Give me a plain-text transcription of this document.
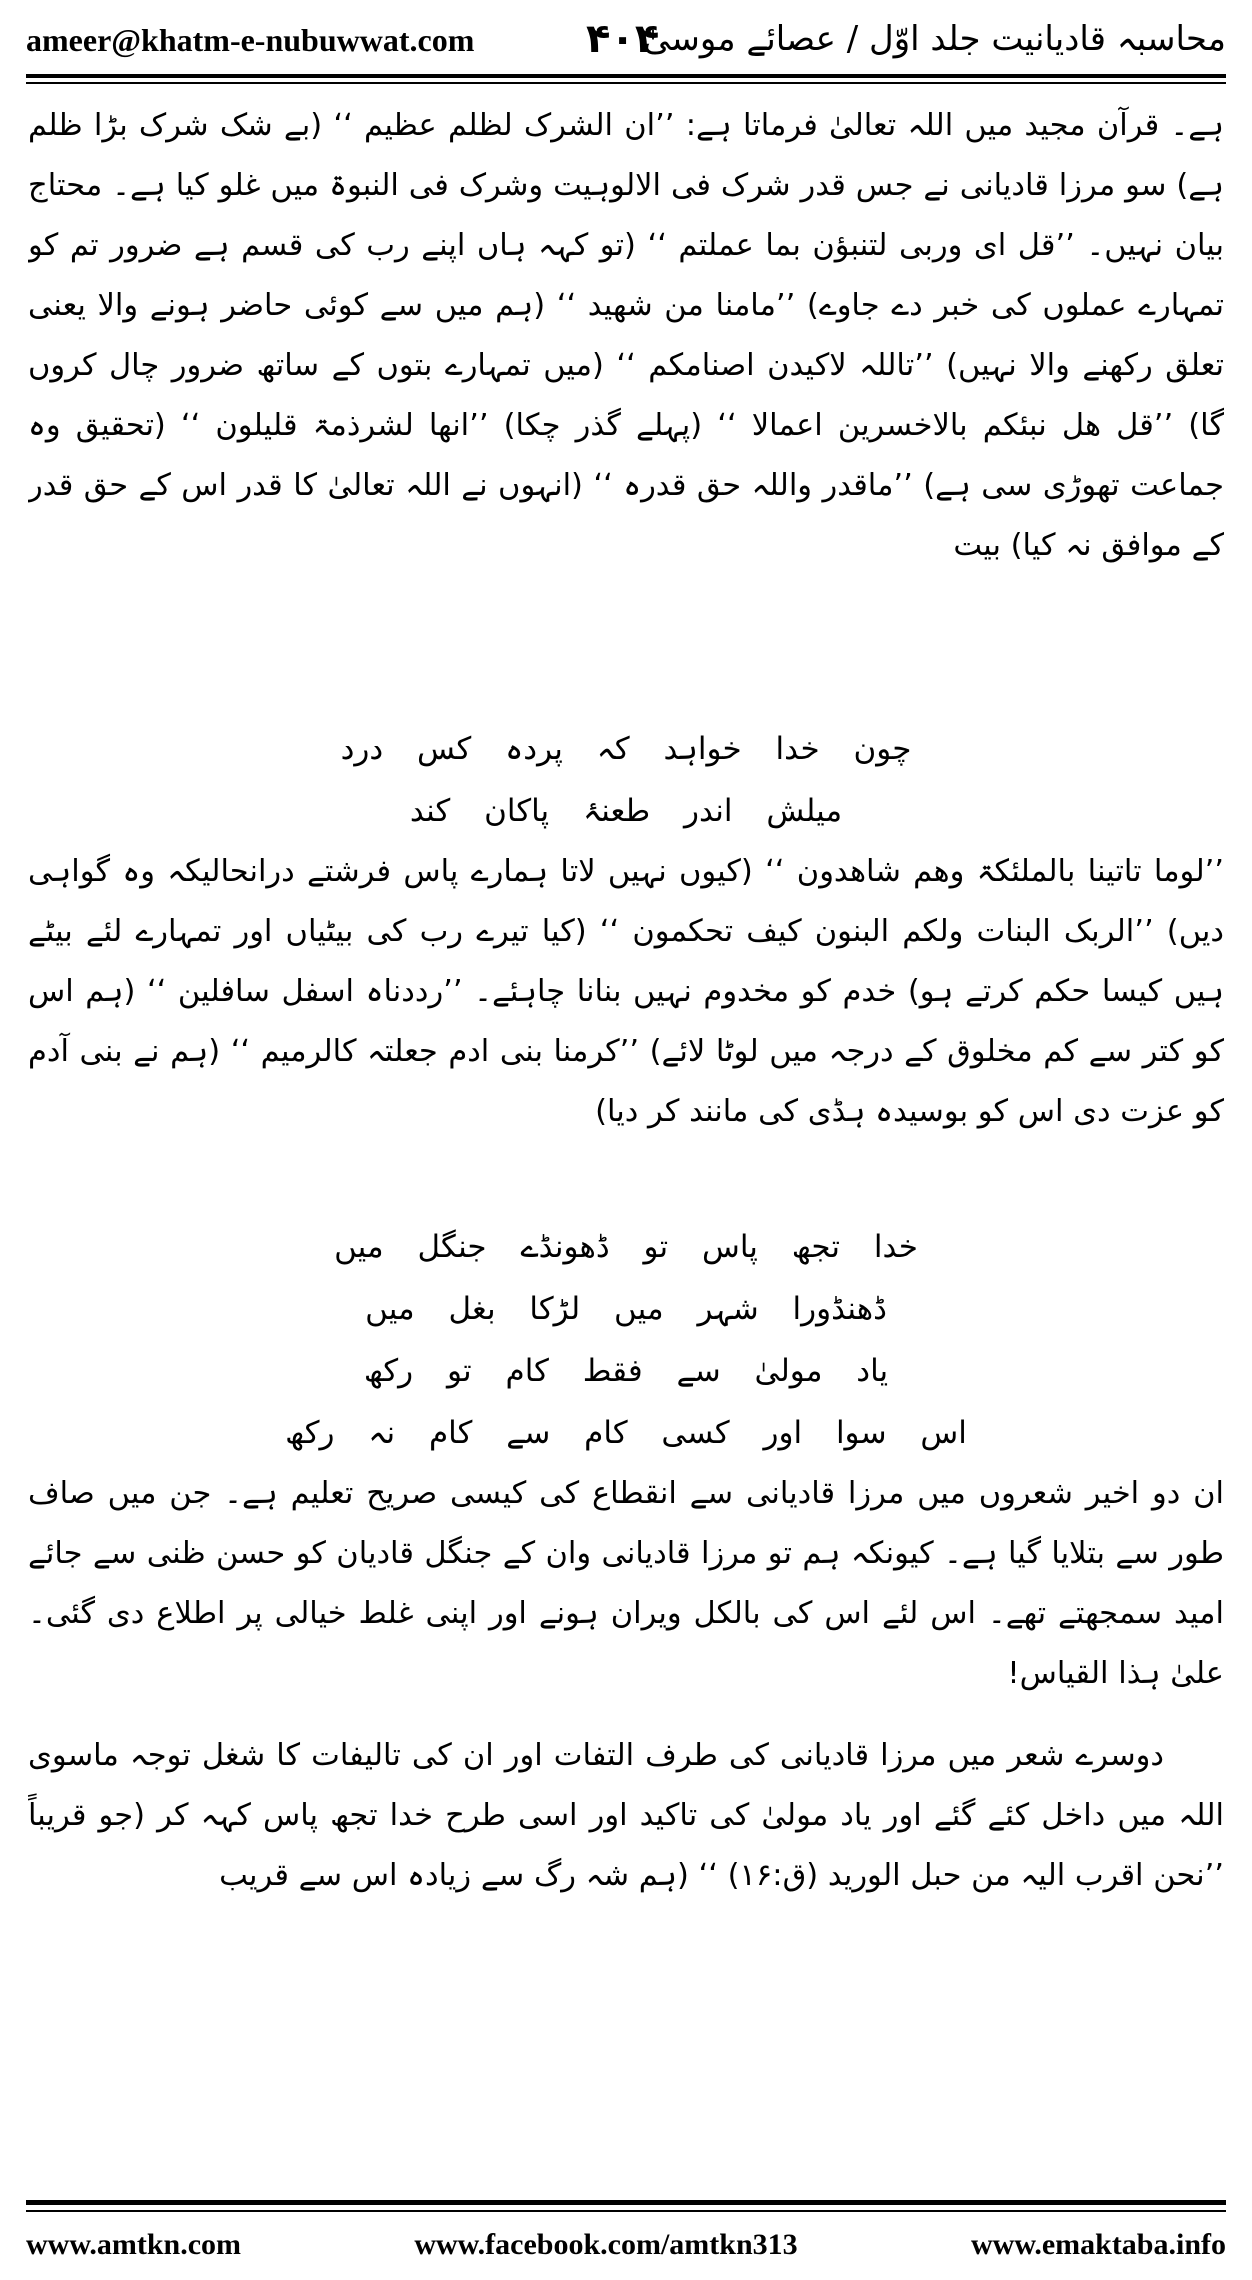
ameer@khatm-e-nubuwwat.com	۴۰۴
محاسبہ قادیانیت جلد اوّل / عصائے موسیٰ

ہے۔ قرآن مجید میں اللہ تعالیٰ فرماتا ہے: ’’ان الشرک لظلم عظیم ‘‘ (بے شک شرک بڑا ظلم ہے) سو مرزا قادیانی نے جس قدر شرک فی الالوہیت وشرک فی النبوۃ میں غلو کیا ہے۔ محتاج بیان نہیں۔ ’’قل ای وربی لتنبؤن بما عملتم ‘‘ (تو کہہ ہاں اپنے رب کی قسم ہے ضرور تم کو تمہارے عملوں کی خبر دے جاوے) ’’مامنا من شھید ‘‘ (ہم میں سے کوئی حاضر ہونے والا یعنی تعلق رکھنے والا نہیں) ’’تاللہ لاکیدن اصنامکم ‘‘ (میں تمہارے بتوں کے ساتھ ضرور چال کروں گا) ’’قل ھل نبئکم بالاخسرین اعمالا ‘‘ (پہلے گذر چکا) ’’انھا لشرذمۃ قلیلون ‘‘ (تحقیق وہ جماعت تھوڑی سی ہے) ’’ماقدر واللہ حق قدرہ ‘‘ (انہوں نے اللہ تعالیٰ کا قدر اس کے حق قدر کے موافق نہ کیا) بیت

چون خدا خواہد کہ پردہ کس درد

میلش اندر طعنۂ پاکان کند

’’لوما تاتینا بالملئکۃ وھم شاھدون ‘‘ (کیوں نہیں لاتا ہمارے پاس فرشتے درانحالیکہ وہ گواہی دیں) ’’الربک البنات ولکم البنون کیف تحکمون ‘‘ (کیا تیرے رب کی بیٹیاں اور تمہارے لئے بیٹے ہیں کیسا حکم کرتے ہو) خدم کو مخدوم نہیں بنانا چاہئے۔ ’’رددناہ اسفل سافلین ‘‘ (ہم اس کو کتر سے کم مخلوق کے درجہ میں لوٹا لائے) ’’کرمنا بنی ادم جعلتہ کالرمیم ‘‘ (ہم نے بنی آدم کو عزت دی اس کو بوسیدہ ہڈی کی مانند کر دیا)

خدا تجھ پاس تو ڈھونڈے جنگل میں

ڈھنڈورا شہر میں لڑکا بغل میں

یاد مولیٰ سے فقط کام تو رکھ

اس سوا اور کسی کام سے کام نہ رکھ

ان دو اخیر شعروں میں مرزا قادیانی سے انقطاع کی کیسی صریح تعلیم ہے۔ جن میں صاف طور سے بتلایا گیا ہے۔ کیونکہ ہم تو مرزا قادیانی وان کے جنگل قادیان کو حسن ظنی سے جائے امید سمجھتے تھے۔ اس لئے اس کی بالکل ویران ہونے اور اپنی غلط خیالی پر اطلاع دی گئی۔ علیٰ ہذا القیاس!

دوسرے شعر میں مرزا قادیانی کی طرف التفات اور ان کی تالیفات کا شغل توجہ ماسوی اللہ میں داخل کئے گئے اور یاد مولیٰ کی تاکید اور اسی طرح خدا تجھ پاس کہہ کر (جو قریباً ’’نحن اقرب الیہ من حبل الورید (ق:۱۶) ‘‘ (ہم شہ رگ سے زیادہ اس سے قریب

www.amtkn.com	www.facebook.com/amtkn313	www.emaktaba.info
